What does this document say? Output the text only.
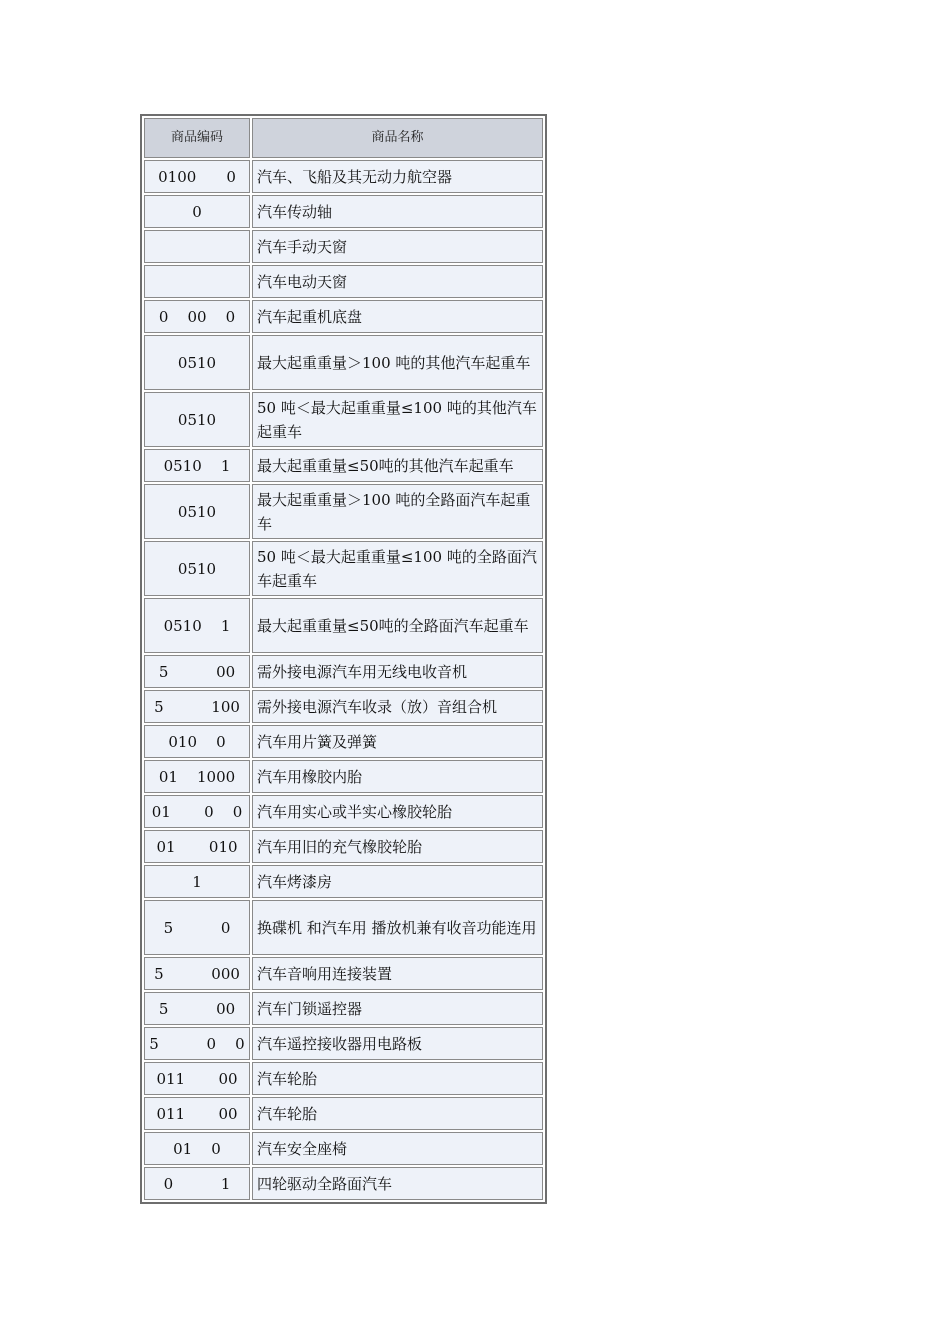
商品编码	商品名称
0100　　0	汽车、飞船及其无动力航空器
0	汽车传动轴
	汽车手动天窗
	汽车电动天窗
0    00    0	汽车起重机底盘
0510	最大起重重量＞100 吨的其他汽车起重车
0510	50 吨＜最大起重重量≤100 吨的其他汽车起重车
0510    1	最大起重重量≤50吨的其他汽车起重车
0510	最大起重重量＞100 吨的全路面汽车起重车
0510	50 吨＜最大起重重量≤100 吨的全路面汽车起重车
0510    1	最大起重重量≤50吨的全路面汽车起重车
5          00	需外接电源汽车用无线电收音机
5          100	需外接电源汽车收录（放）音组合机
010    0	汽车用片簧及弹簧
01    1000	汽车用橡胶内胎
01       0    0	汽车用实心或半实心橡胶轮胎
01       010	汽车用旧的充气橡胶轮胎
1	汽车烤漆房
5          0	换碟机 和汽车用 播放机兼有收音功能连用
5          000	汽车音响用连接装置
5          00	汽车门锁遥控器
5          0    0	汽车遥控接收器用电路板
011       00	汽车轮胎
011       00	汽车轮胎
01    0	汽车安全座椅
0          1	四轮驱动全路面汽车
